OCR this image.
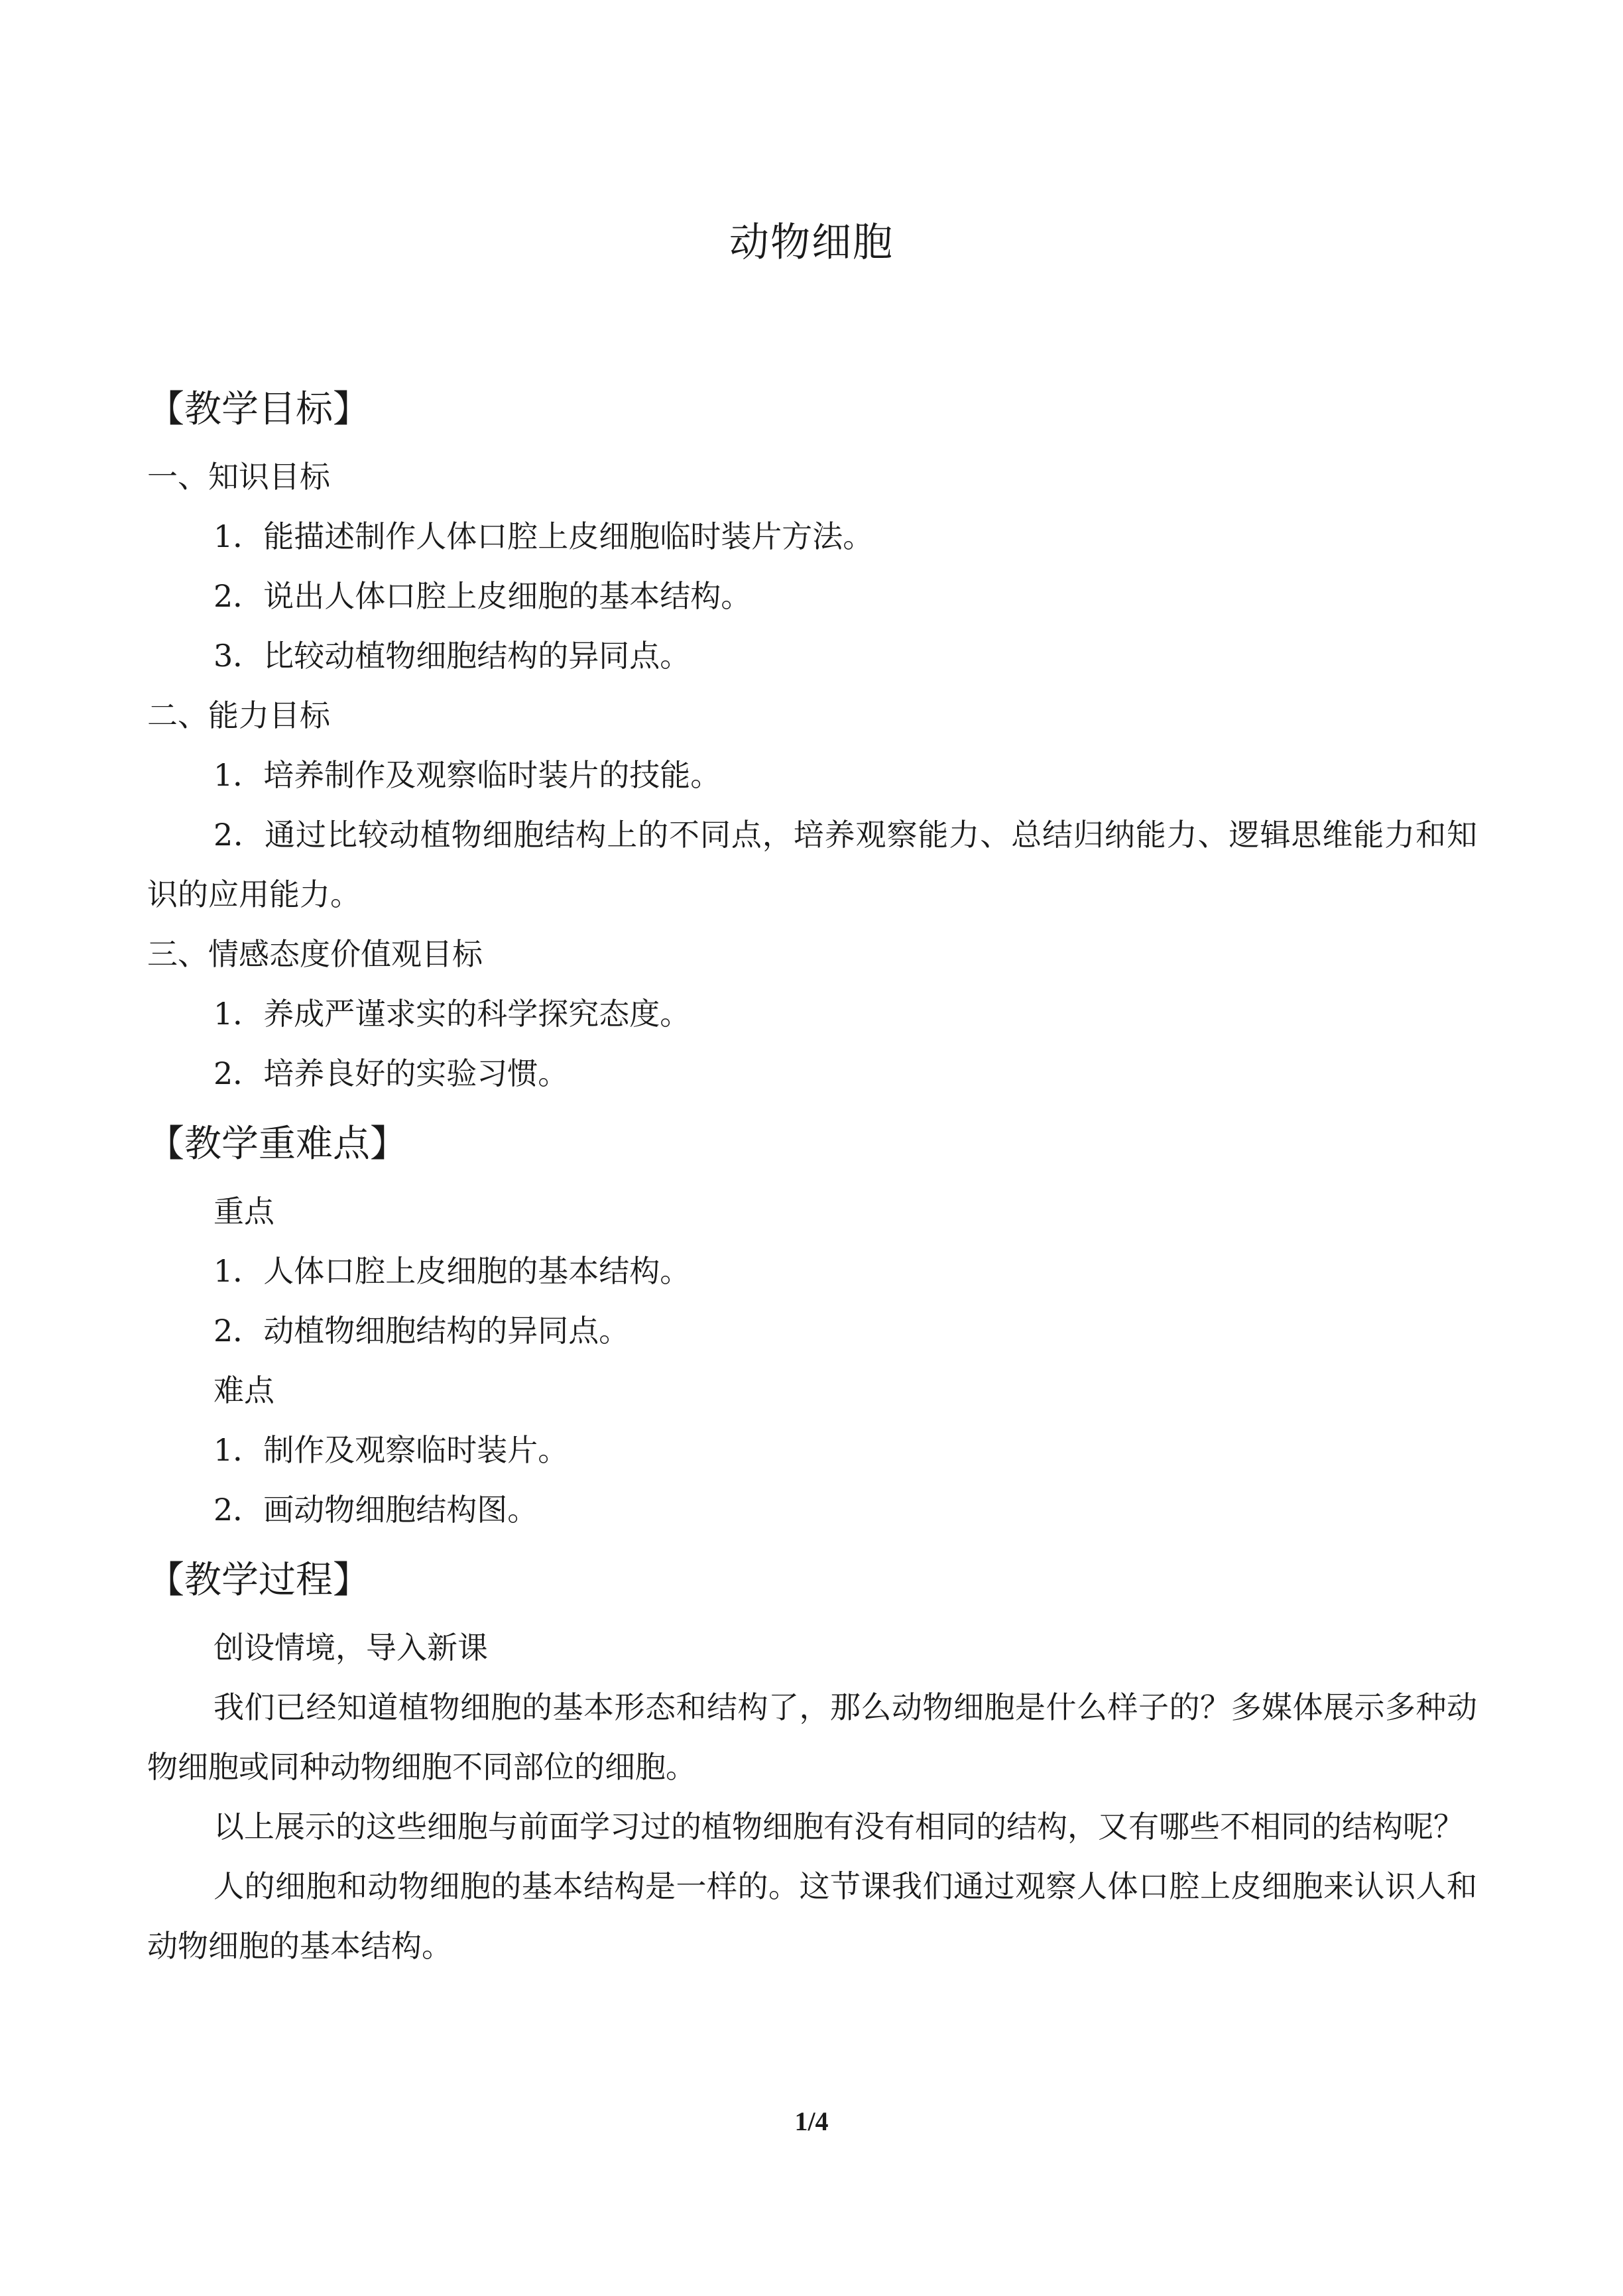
动物细胞
【教学目标】
一、知识目标
1．能描述制作人体口腔上皮细胞临时装片方法。
2．说出人体口腔上皮细胞的基本结构。
3．比较动植物细胞结构的异同点。
二、能力目标
1．培养制作及观察临时装片的技能。
2．通过比较动植物细胞结构上的不同点，培养观察能力、总结归纳能力、逻辑思维能力和知识的应用能力。
三、情感态度价值观目标
1．养成严谨求实的科学探究态度。
2．培养良好的实验习惯。
【教学重难点】
重点
1．人体口腔上皮细胞的基本结构。
2．动植物细胞结构的异同点。
难点
1．制作及观察临时装片。
2．画动物细胞结构图。
【教学过程】
创设情境，导入新课
我们已经知道植物细胞的基本形态和结构了，那么动物细胞是什么样子的？多媒体展示多种动物细胞或同种动物细胞不同部位的细胞。
以上展示的这些细胞与前面学习过的植物细胞有没有相同的结构，又有哪些不相同的结构呢？
人的细胞和动物细胞的基本结构是一样的。这节课我们通过观察人体口腔上皮细胞来认识人和动物细胞的基本结构。
1/4
